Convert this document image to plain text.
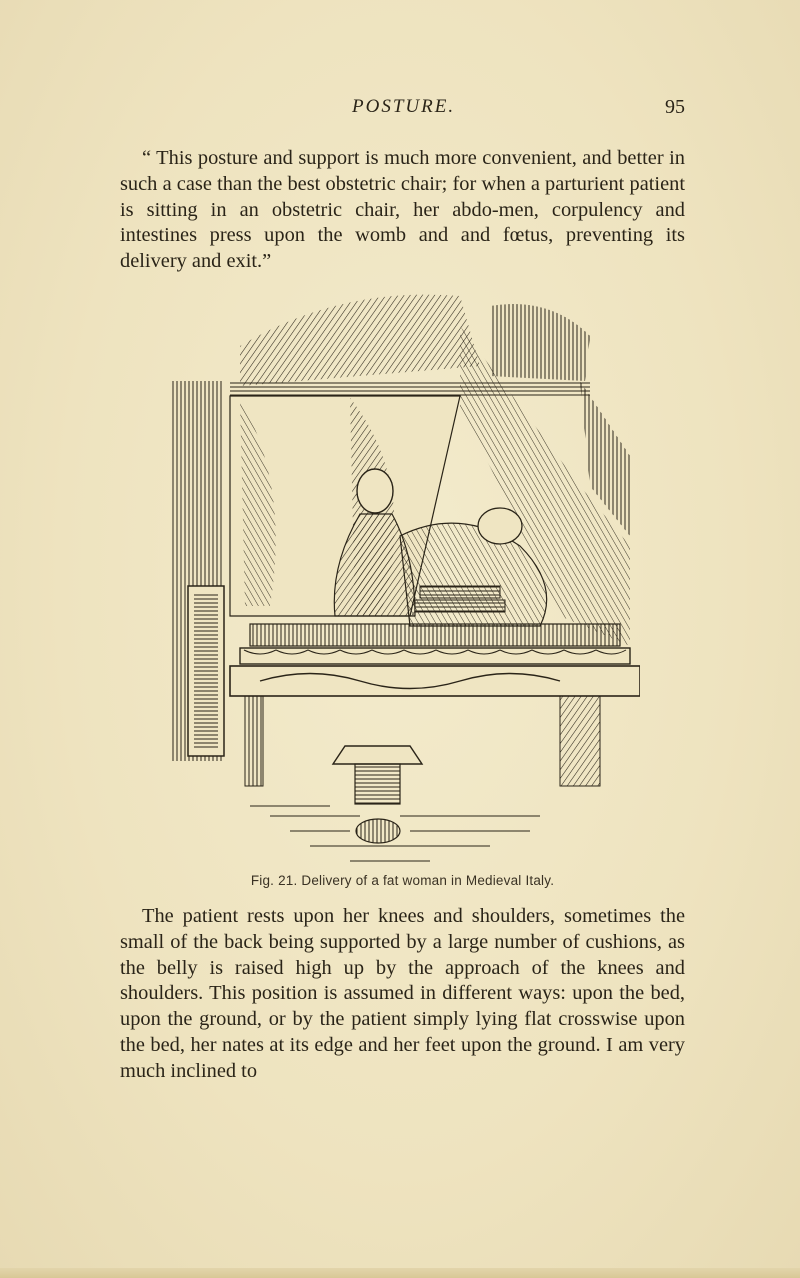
POSTURE.	95

“ This posture and support is much more convenient, and better in such a case than the best obstetric chair; for when a parturient patient is sitting in an obstetric chair, her abdo-men, corpulency and intestines press upon the womb and and fœtus, preventing its delivery and exit.”

Fig. 21. Delivery of a fat woman in Medieval Italy.

The patient rests upon her knees and shoulders, sometimes the small of the back being supported by a large number of cushions, as the belly is raised high up by the approach of the knees and shoulders. This position is assumed in different ways: upon the bed, upon the ground, or by the patient simply lying flat crosswise upon the bed, her nates at its edge and her feet upon the ground. I am very much inclined to
